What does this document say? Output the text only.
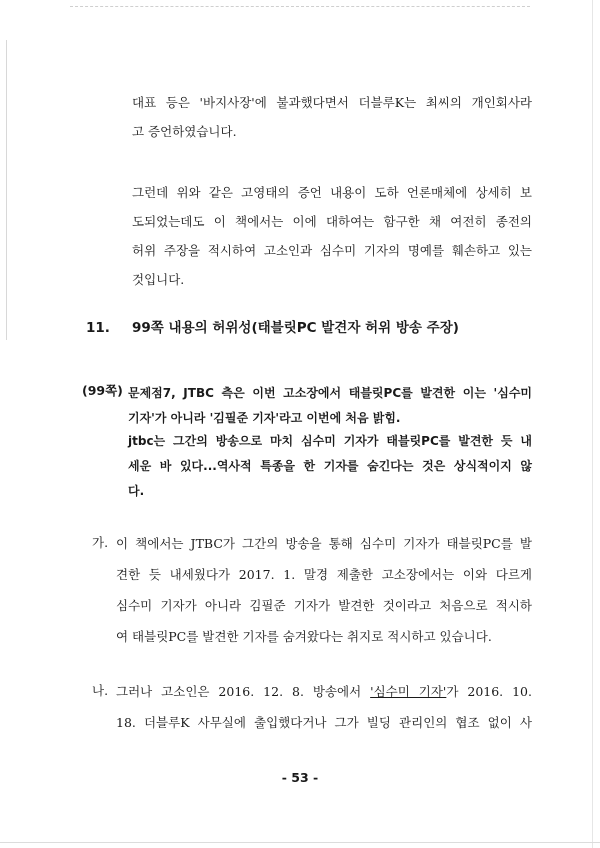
대표 등은 '바지사장'에 불과했다면서 더블루K는 최씨의 개인회사라
고 증언하였습니다.
그런데 위와 같은 고영태의 증언 내용이 도하 언론매체에 상세히 보
도되었는데도 이 책에서는 이에 대하여는 함구한 채 여전히 종전의
허위 주장을 적시하여 고소인과 심수미 기자의 명예를 훼손하고 있는
것입니다.
11. 99쪽 내용의 허위성(태블릿PC 발견자 허위 방송 주장)
(99쪽) 문제점7, JTBC 측은 이번 고소장에서 태블릿PC를 발견한 이는 '심수미
기자'가 아니라 '김필준 기자'라고 이번에 처음 밝힘.
jtbc는 그간의 방송으로 마치 심수미 기자가 태블릿PC를 발견한 듯 내
세운 바 있다...역사적 특종을 한 기자를 숨긴다는 것은 상식적이지 않
다.
가. 이 책에서는 JTBC가 그간의 방송을 통해 심수미 기자가 태블릿PC를 발
견한 듯 내세웠다가 2017. 1. 말경 제출한 고소장에서는 이와 다르게
심수미 기자가 아니라 김필준 기자가 발견한 것이라고 처음으로 적시하
여 태블릿PC를 발견한 기자를 숨겨왔다는 취지로 적시하고 있습니다.
나. 그러나 고소인은 2016. 12. 8. 방송에서 '심수미 기자'가 2016. 10.
18. 더블루K 사무실에 출입했다거나 그가 빌딩 관리인의 협조 없이 사
- 53 -
